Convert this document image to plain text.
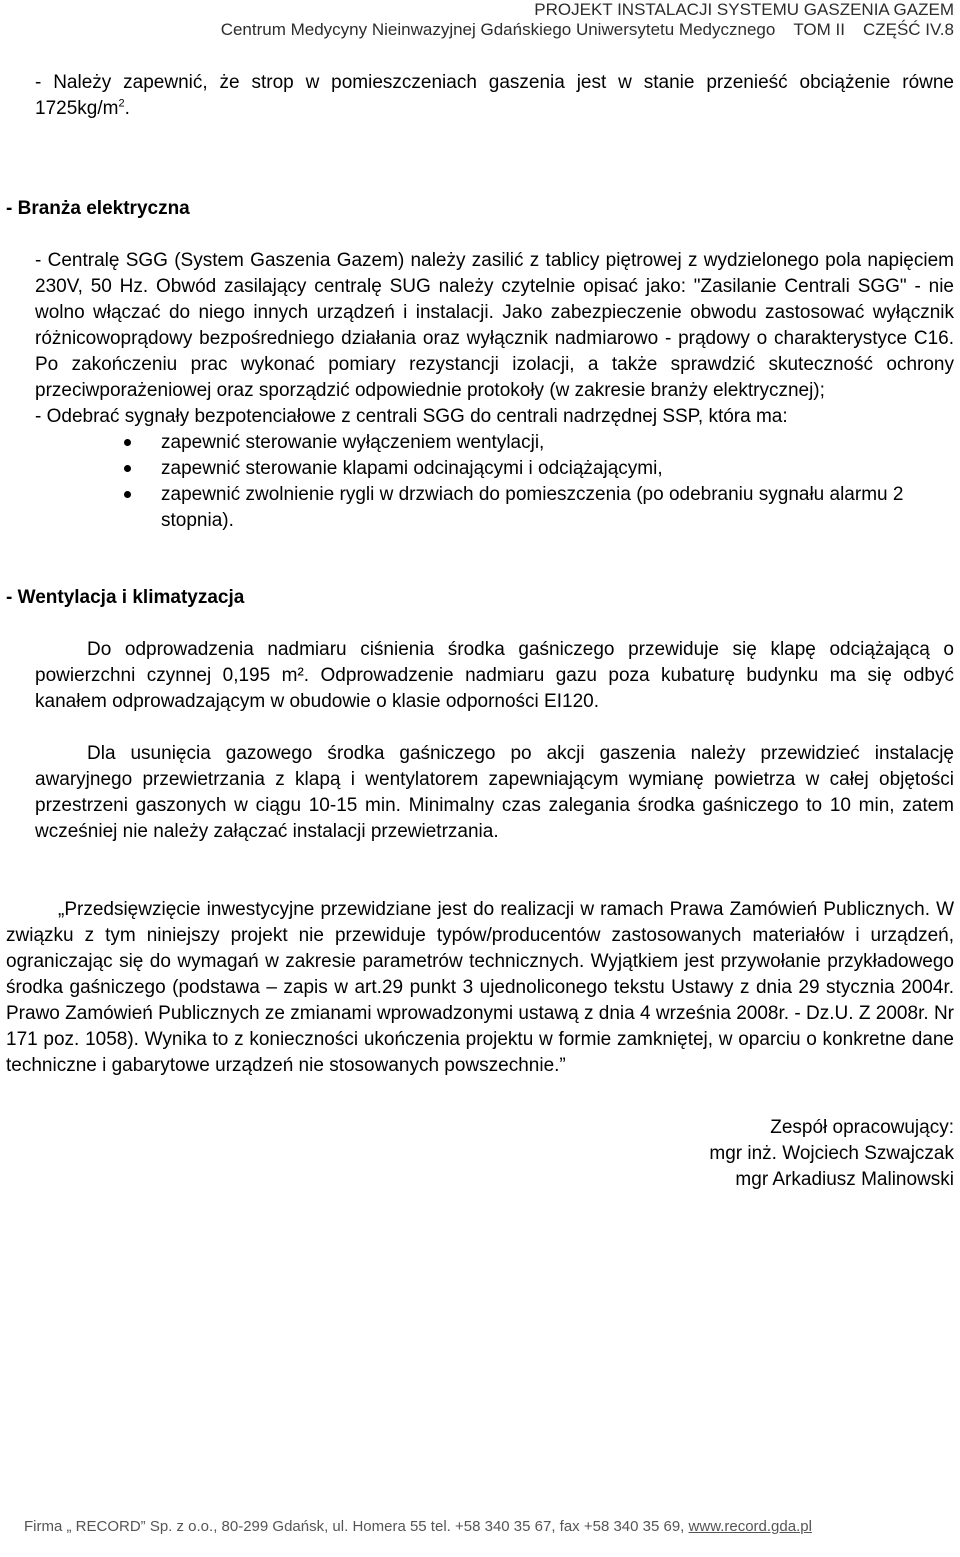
PROJEKT INSTALACJI SYSTEMU GASZENIA GAZEM
Centrum Medycyny Nieinwazyjnej Gdańskiego Uniwersytetu Medycznego TOM II CZĘŚĆ IV.8

- Należy zapewnić, że strop w pomieszczeniach gaszenia jest w stanie przenieść obciążenie równe $1725kg/m^2$.

- Branża elektryczna

- Centralę SGG (System Gaszenia Gazem) należy zasilić z tablicy piętrowej z wydzielonego pola napięciem 230V, 50 Hz. Obwód zasilający centralę SUG należy czytelnie opisać jako: "Zasilanie Centrali SGG" - nie wolno włączać do niego innych urządzeń i instalacji. Jako zabezpieczenie obwodu zastosować wyłącznik różnicowoprądowy bezpośredniego działania oraz wyłącznik nadmiarowo - prądowy o charakterystyce C16. Po zakończeniu prac wykonać pomiary rezystancji izolacji, a także sprawdzić skuteczność ochrony przeciwporażeniowej oraz sporządzić odpowiednie protokoły (w zakresie branży elektrycznej);

- Odebrać sygnały bezpotenciałowe z centrali SGG do centrali nadrzędnej SSP, która ma:

zapewnić sterowanie wyłączeniem wentylacji,
zapewnić sterowanie klapami odcinającymi i odciążającymi,
zapewnić zwolnienie rygli w drzwiach do pomieszczenia (po odebraniu sygnału alarmu 2 stopnia).
- Wentylacja i klimatyzacja

Do odprowadzenia nadmiaru ciśnienia środka gaśniczego przewiduje się klapę odciążającą o powierzchni czynnej 0,195 m². Odprowadzenie nadmiaru gazu poza kubaturę budynku ma się odbyć kanałem odprowadzającym w obudowie o klasie odporności EI120.

Dla usunięcia gazowego środka gaśniczego po akcji gaszenia należy przewidzieć instalację awaryjnego przewietrzania z klapą i wentylatorem zapewniającym wymianę powietrza w całej objętości przestrzeni gaszonych w ciągu 10-15 min. Minimalny czas zalegania środka gaśniczego to 10 min, zatem wcześniej nie należy załączać instalacji przewietrzania.

„Przedsięwzięcie inwestycyjne przewidziane jest do realizacji w ramach Prawa Zamówień Publicznych. W związku z tym niniejszy projekt nie przewiduje typów/producentów zastosowanych materiałów i urządzeń, ograniczając się do wymagań w zakresie parametrów technicznych. Wyjątkiem jest przywołanie przykładowego środka gaśniczego (podstawa – zapis w art.29 punkt 3 ujednoliconego tekstu Ustawy z dnia 29 stycznia 2004r. Prawo Zamówień Publicznych ze zmianami wprowadzonymi ustawą z dnia 4 września 2008r. - Dz.U. Z 2008r. Nr 171 poz. 1058). Wynika to z konieczności ukończenia projektu w formie zamkniętej, w oparciu o konkretne dane techniczne i gabarytowe urządzeń nie stosowanych powszechnie.”

Zespół opracowujący:
mgr inż. Wojciech Szwajczak
mgr Arkadiusz Malinowski
Firma „ RECORD” Sp. z o.o., 80-299 Gdańsk, ul. Homera 55 tel. +58 340 35 67, fax +58 340 35 69, www.record.gda.pl
